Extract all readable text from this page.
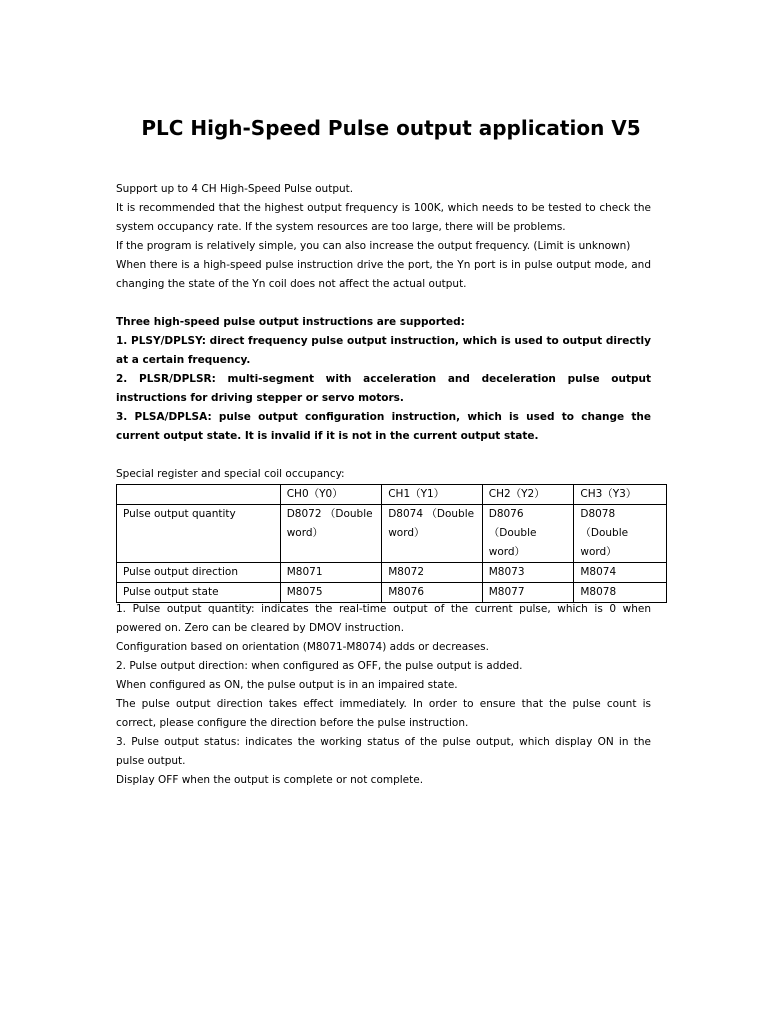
PLC High-Speed Pulse output application V5

Support up to 4 CH High-Speed Pulse output.

It is recommended that the highest output frequency is 100K, which needs to be tested to check the system occupancy rate. If the system resources are too large, there will be problems.

If the program is relatively simple, you can also increase the output frequency. (Limit is unknown)

When there is a high-speed pulse instruction drive the port, the Yn port is in pulse output mode, and changing the state of the Yn coil does not affect the actual output.

Three high-speed pulse output instructions are supported:

1. PLSY/DPLSY: direct frequency pulse output instruction, which is used to output directly at a certain frequency.

2. PLSR/DPLSR: multi-segment with acceleration and deceleration pulse output instructions for driving stepper or servo motors.

3. PLSA/DPLSA: pulse output configuration instruction, which is used to change the current output state. It is invalid if it is not in the current output state.

Special register and special coil occupancy:

	CH0（Y0）	CH1（Y1）	CH2（Y2）	CH3（Y3）
Pulse output quantity	D8072 （Double word）	D8074 （Double word）	D8076（Double word）	D8078（Double word）
Pulse output direction	M8071	M8072	M8073	M8074
Pulse output state	M8075	M8076	M8077	M8078

1. Pulse output quantity: indicates the real-time output of the current pulse, which is 0 when powered on. Zero can be cleared by DMOV instruction.

Configuration based on orientation (M8071-M8074) adds or decreases.

2. Pulse output direction: when configured as OFF, the pulse output is added.

When configured as ON, the pulse output is in an impaired state.

The pulse output direction takes effect immediately. In order to ensure that the pulse count is correct, please configure the direction before the pulse instruction.

3. Pulse output status: indicates the working status of the pulse output, which display ON in the pulse output.

Display OFF when the output is complete or not complete.
